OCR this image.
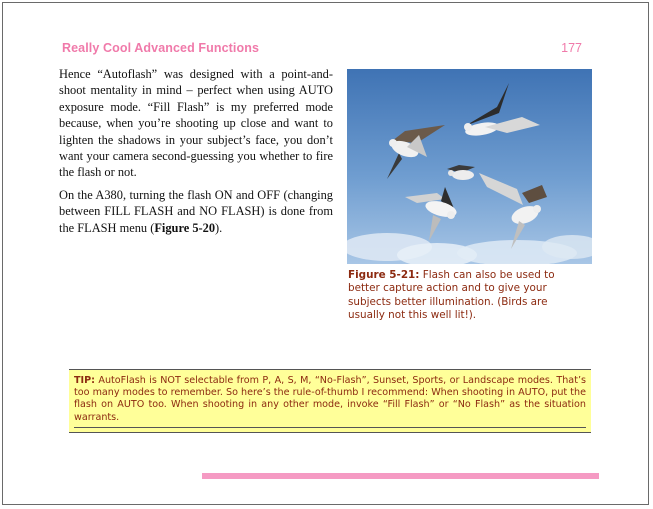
Really Cool Advanced Functions	177

Hence “Autoflash” was designed with a point-and-shoot mentality in mind – perfect when using AUTO exposure mode. “Fill Flash” is my preferred mode because, when you’re shooting up close and want to lighten the shadows in your subject’s face, you don’t want your camera second-guessing you whether to fire the flash or not.

On the A380, turning the flash ON and OFF (changing between FILL FLASH and NO FLASH) is done from the FLASH menu (Figure 5-20).

Figure 5-21: Flash can also be used to better capture action and to give your subjects better illumination. (Birds are usually not this well lit!).
TIP: AutoFlash is NOT selectable from P, A, S, M, “No-Flash”, Sunset, Sports, or Landscape modes. That’s too many modes to remember. So here’s the rule-of-thumb I recommend: When shooting in AUTO, put the flash on AUTO too. When shooting in any other mode, invoke “Fill Flash” or “No Flash” as the situation warrants.
